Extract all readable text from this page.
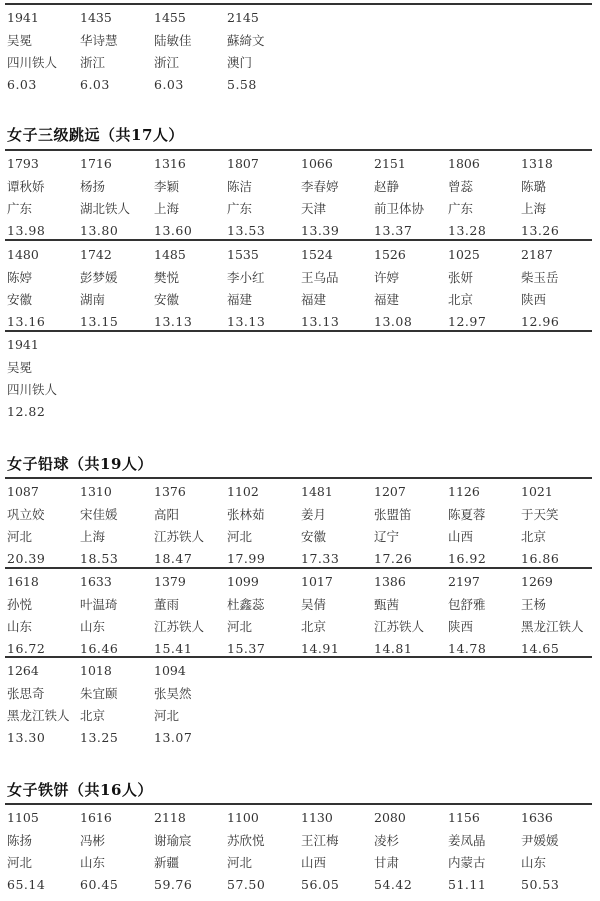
1941
吴冕
四川铁人
6.03
1435
华诗慧
浙江
6.03
1455
陆敏佳
浙江
6.03
2145
蘇綺文
澳门
5.58
女子三级跳远（共17人）
1793
谭秋娇
广东
13.98
1716
杨扬
湖北铁人
13.80
1316
李颖
上海
13.60
1807
陈洁
广东
13.53
1066
李春婷
天津
13.39
2151
赵静
前卫体协
13.37
1806
曾蕊
广东
13.28
1318
陈璐
上海
13.26
1480
陈婷
安徽
13.16
1742
彭梦媛
湖南
13.15
1485
樊悦
安徽
13.13
1535
李小红
福建
13.13
1524
王乌品
福建
13.13
1526
许婷
福建
13.08
1025
张妍
北京
12.97
2187
柴玉岳
陕西
12.96
1941
吴冕
四川铁人
12.82
女子铅球（共19人）
1087
巩立姣
河北
20.39
1310
宋佳媛
上海
18.53
1376
高阳
江苏铁人
18.47
1102
张林茹
河北
17.99
1481
姜月
安徽
17.33
1207
张盟笛
辽宁
17.26
1126
陈夏蓉
山西
16.92
1021
于天笑
北京
16.86
1618
孙悦
山东
16.72
1633
叶温琦
山东
16.46
1379
董雨
江苏铁人
15.41
1099
杜鑫蕊
河北
15.37
1017
吴倩
北京
14.91
1386
甄茜
江苏铁人
14.81
2197
包舒雅
陕西
14.78
1269
王杨
黑龙江铁人
14.65
1264
张思奇
黑龙江铁人
13.30
1018
朱宜颐
北京
13.25
1094
张昊然
河北
13.07
女子铁饼（共16人）
1105
陈扬
河北
65.14
1616
冯彬
山东
60.45
2118
谢瑜宸
新疆
59.76
1100
苏欣悦
河北
57.50
1130
王江梅
山西
56.05
2080
凌杉
甘肃
54.42
1156
姜凤晶
内蒙古
51.11
1636
尹媛媛
山东
50.53
